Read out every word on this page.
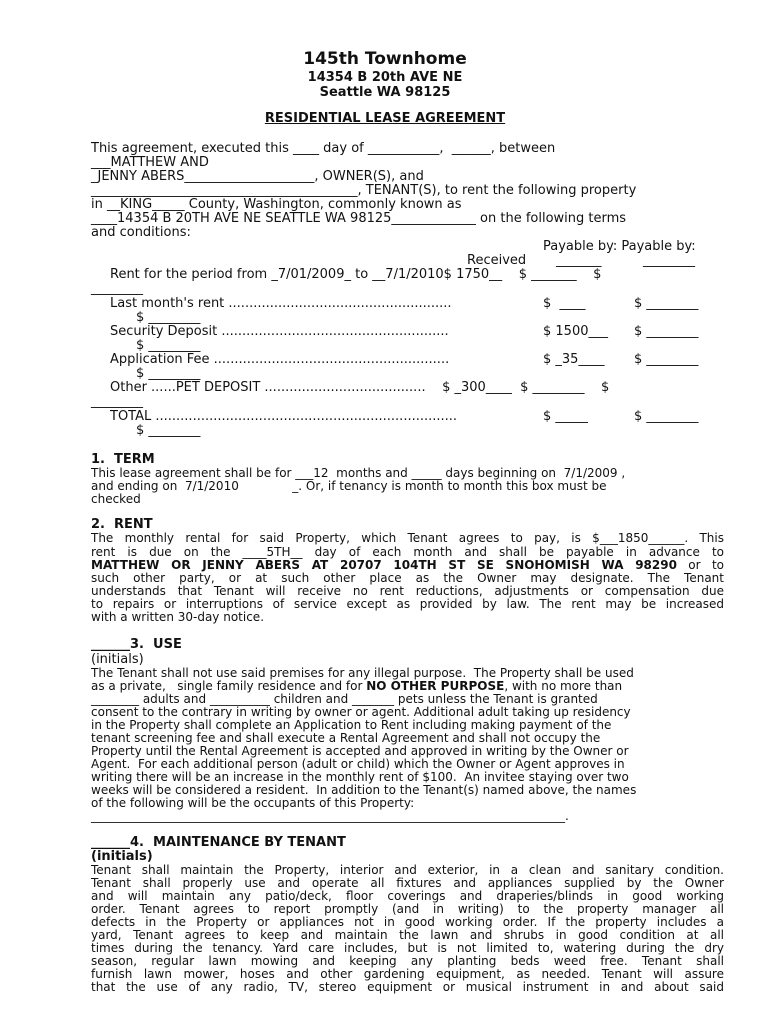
145th Townhome
14354 B 20th AVE NE
Seattle WA 98125
RESIDENTIAL LEASE AGREEMENT
This agreement, executed this ____ day of ___________,  ______, between
___MATTHEW AND
_JENNY ABERS____________________, OWNER(S), and
_________________________________________, TENANT(S), to rent the following property
in __KING_____ County, Washington, commonly known as
____14354 B 20TH AVE NE SEATTLE WA 98125_____________ on the following terms
and conditions:
Payable by: Payable by:
Received _______	________
Rent for the period from _7/01/2009_ to __7/1/2010$ 1750__    $ _______    $
________
Last month's rent ......................................................	$  ____	$ ________
$ ________
Security Deposit .......................................................	$ 1500___ $ ________
$ ________
Application Fee .........................................................	$ _35____ $ ________
$ ________
Other ......PET DEPOSIT .......................................    $ _300____  $ ________    $
________
TOTAL .........................................................................	$ _____	$ ________
$ ________
1.  TERM
This lease agreement shall be for ___12  months and _____ days beginning on  7/1/2009 ,
and ending on  7/1/2010              _. Or, if tenancy is month to month this box must be
checked
2.  RENT
The monthly rental for said Property, which Tenant agrees to pay, is $___1850______. This
rent is due on the ____5TH__ day of each month and shall be payable in advance to
MATTHEW OR JENNY ABERS AT 20707 104TH ST SE SNOHOMISH WA 98290 or to
such other party, or at such other place as the Owner may designate. The Tenant
understands that Tenant will receive no rent reductions, adjustments or compensation due
to repairs or interruptions of service except as provided by law. The rent may be increased
with a written 30-day notice.
______3.  USE
(initials)
The Tenant shall not use said premises for any illegal purpose.  The Property shall be used
as a private,   single family residence and for NO OTHER PURPOSE, with no more than
________ adults and __________ children and _______ pets unless the Tenant is granted
consent to the contrary in writing by owner or agent. Additional adult taking up residency
in the Property shall complete an Application to Rent including making payment of the
tenant screening fee and shall execute a Rental Agreement and shall not occupy the
Property until the Rental Agreement is accepted and approved in writing by the Owner or
Agent.  For each additional person (adult or child) which the Owner or Agent approves in
writing there will be an increase in the monthly rent of $100.  An invitee staying over two
weeks will be considered a resident.  In addition to the Tenant(s) named above, the names
of the following will be the occupants of this Property:
_______________________________________________________________________________.
______4.  MAINTENANCE BY TENANT
(initials)
Tenant shall maintain the Property, interior and exterior, in a clean and sanitary condition.
Tenant shall properly use and operate all fixtures and appliances supplied by the Owner
and will maintain any patio/deck, floor coverings and draperies/blinds in good working
order. Tenant agrees to report promptly (and in writing) to the property manager all
defects in the Property or appliances not in good working order. If the property includes a
yard, Tenant agrees to keep and maintain the lawn and shrubs in good condition at all
times during the tenancy. Yard care includes, but is not limited to, watering during the dry
season, regular lawn mowing and keeping any planting beds weed free. Tenant shall
furnish lawn mower, hoses and other gardening equipment, as needed. Tenant will assure
that the use of any radio, TV, stereo equipment or musical instrument in and about said
